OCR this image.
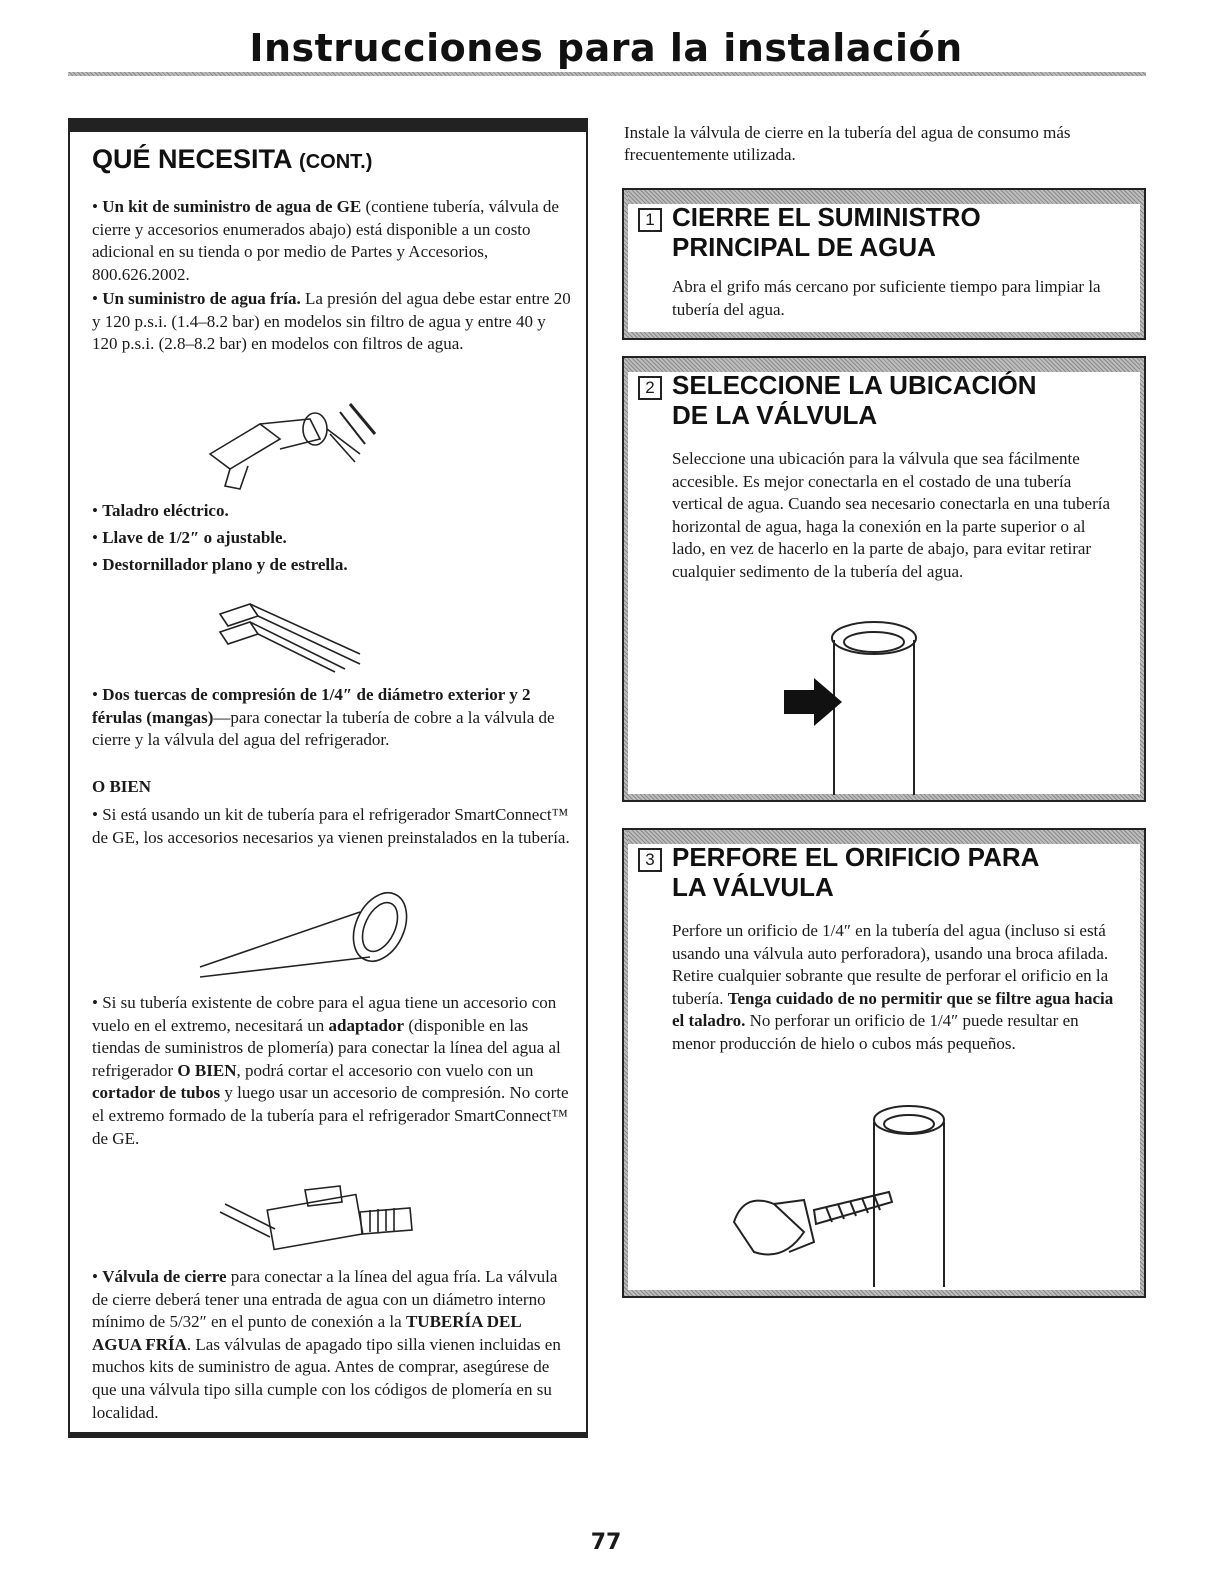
Instrucciones para la instalación
QUÉ NECESITA (CONT.)

• Un kit de suministro de agua de GE (contiene tubería, válvula de cierre y accesorios enumerados abajo) está disponible a un costo adicional en su tienda o por medio de Partes y Accesorios, 800.626.2002.

• Un suministro de agua fría. La presión del agua debe estar entre 20 y 120 p.s.i. (1.4–8.2 bar) en modelos sin filtro de agua y entre 40 y 120 p.s.i. (2.8–8.2 bar) en modelos con filtros de agua.

• Taladro eléctrico.

• Llave de 1/2″ o ajustable.

• Destornillador plano y de estrella.

• Dos tuercas de compresión de 1/4″ de diámetro exterior y 2 férulas (mangas)—para conectar la tubería de cobre a la válvula de cierre y la válvula del agua del refrigerador.

O BIEN

• Si está usando un kit de tubería para el refrigerador SmartConnect™ de GE, los accesorios necesarios ya vienen preinstalados en la tubería.

• Si su tubería existente de cobre para el agua tiene un accesorio con vuelo en el extremo, necesitará un adaptador (disponible en las tiendas de suministros de plomería) para conectar la línea del agua al refrigerador O BIEN, podrá cortar el accesorio con vuelo con un cortador de tubos y luego usar un accesorio de compresión. No corte el extremo formado de la tubería para el refrigerador SmartConnect™ de GE.

• Válvula de cierre para conectar a la línea del agua fría. La válvula de cierre deberá tener una entrada de agua con un diámetro interno mínimo de 5/32″ en el punto de conexión a la TUBERÍA DEL AGUA FRÍA. Las válvulas de apagado tipo silla vienen incluidas en muchos kits de suministro de agua. Antes de comprar, asegúrese de que una válvula tipo silla cumple con los códigos de plomería en su localidad.

Instale la válvula de cierre en la tubería del agua de consumo más frecuentemente utilizada.

1 CIERRE EL SUMINISTRO
PRINCIPAL DE AGUA

Abra el grifo más cercano por suficiente tiempo para limpiar la tubería del agua.

2 SELECCIONE LA UBICACIÓN
DE LA VÁLVULA

Seleccione una ubicación para la válvula que sea fácilmente accesible. Es mejor conectarla en el costado de una tubería vertical de agua. Cuando sea necesario conectarla en una tubería horizontal de agua, haga la conexión en la parte superior o al lado, en vez de hacerlo en la parte de abajo, para evitar retirar cualquier sedimento de la tubería del agua.

3 PERFORE EL ORIFICIO PARA
LA VÁLVULA

Perfore un orificio de 1/4″ en la tubería del agua (incluso si está usando una válvula auto perforadora), usando una broca afilada. Retire cualquier sobrante que resulte de perforar el orificio en la tubería. Tenga cuidado de no permitir que se filtre agua hacia el taladro. No perforar un orificio de 1/4″ puede resultar en menor producción de hielo o cubos más pequeños.

77
